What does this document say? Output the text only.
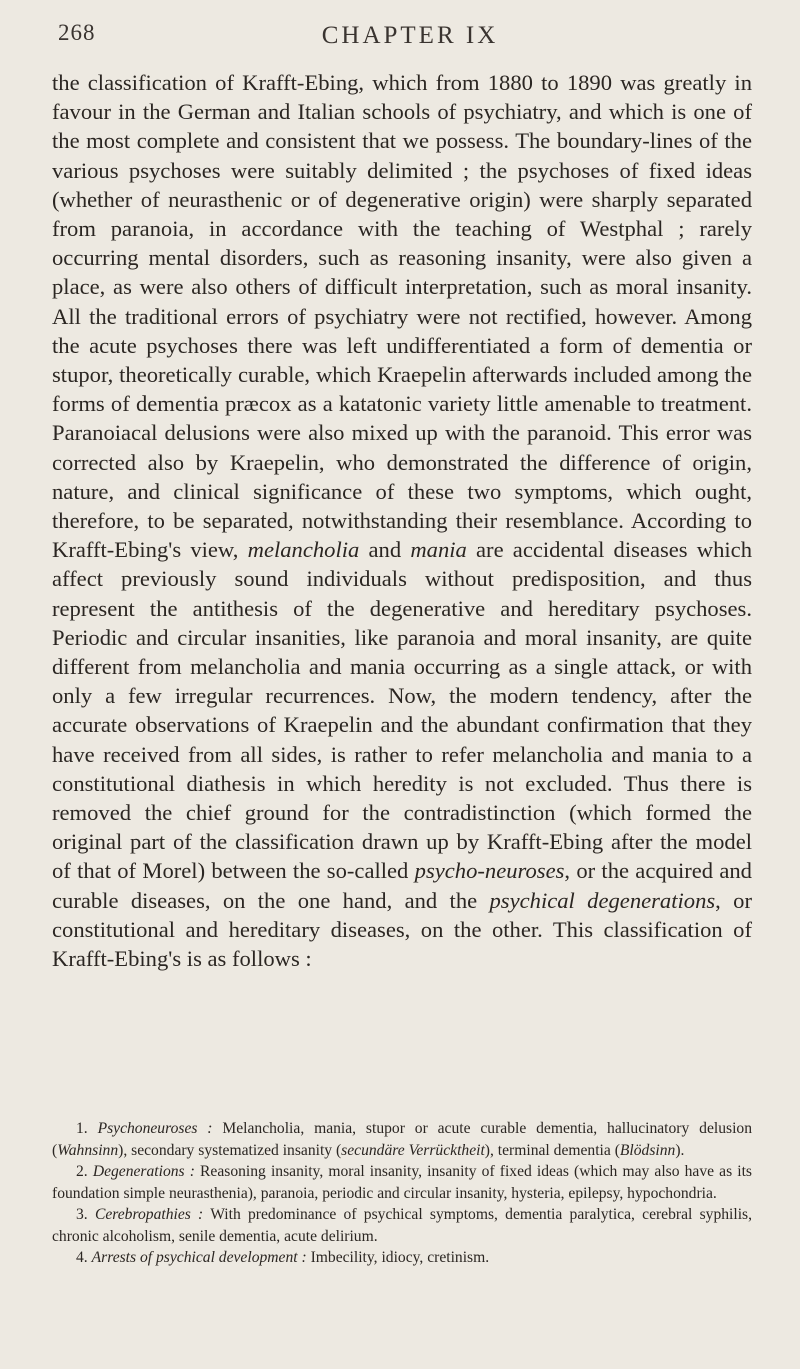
268	CHAPTER IX

the classification of Krafft-Ebing, which from 1880 to 1890 was greatly in favour in the German and Italian schools of psychiatry, and which is one of the most complete and consistent that we possess. The boundary-lines of the various psychoses were suitably delimited ; the psychoses of fixed ideas (whether of neurasthenic or of degenerative origin) were sharply separated from paranoia, in accordance with the teaching of Westphal ; rarely occurring mental disorders, such as reasoning insanity, were also given a place, as were also others of difficult interpretation, such as moral insanity. All the traditional errors of psychiatry were not rectified, however. Among the acute psychoses there was left undifferentiated a form of dementia or stupor, theoretically curable, which Kraepelin afterwards included among the forms of dementia præcox as a katatonic variety little amenable to treatment. Paranoiacal delusions were also mixed up with the paranoid. This error was corrected also by Kraepelin, who demonstrated the difference of origin, nature, and clinical significance of these two symptoms, which ought, therefore, to be separated, notwithstanding their resemblance. According to Krafft-Ebing's view, melancholia and mania are accidental diseases which affect previously sound individuals without predisposition, and thus represent the antithesis of the degenerative and hereditary psychoses. Periodic and circular insanities, like paranoia and moral insanity, are quite different from melancholia and mania occurring as a single attack, or with only a few irregular recurrences. Now, the modern tendency, after the accurate observations of Kraepelin and the abundant confirmation that they have received from all sides, is rather to refer melancholia and mania to a constitutional diathesis in which heredity is not excluded. Thus there is removed the chief ground for the contradistinction (which formed the original part of the classification drawn up by Krafft-Ebing after the model of that of Morel) between the so-called psycho-neuroses, or the acquired and curable diseases, on the one hand, and the psychical degenerations, or constitutional and hereditary diseases, on the other. This classification of Krafft-Ebing's is as follows :

1. Psychoneuroses : Melancholia, mania, stupor or acute curable dementia, hallucinatory delusion (Wahnsinn), secondary systematized insanity (secundäre Verrücktheit), terminal dementia (Blödsinn).

2. Degenerations : Reasoning insanity, moral insanity, insanity of fixed ideas (which may also have as its foundation simple neurasthenia), paranoia, periodic and circular insanity, hysteria, epilepsy, hypochondria.

3. Cerebropathies : With predominance of psychical symptoms, dementia paralytica, cerebral syphilis, chronic alcoholism, senile dementia, acute delirium.

4. Arrests of psychical development : Imbecility, idiocy, cretinism.
